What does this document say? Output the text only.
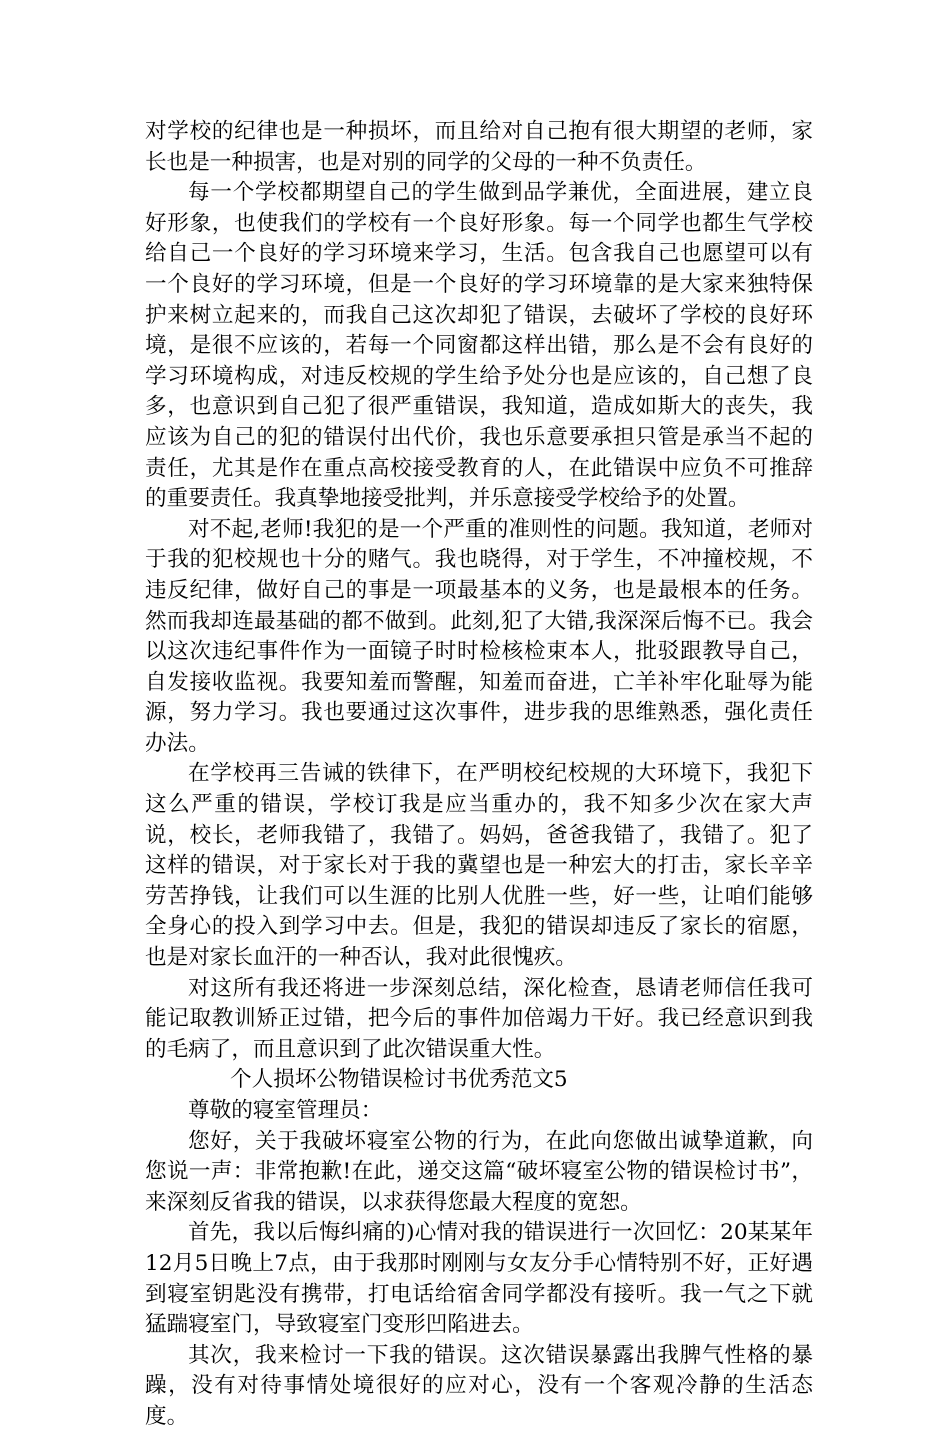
对学校的纪律也是一种损坏，而且给对自己抱有很大期望的老师，家长也是一种损害，也是对别的同学的父母的一种不负责任。

每一个学校都期望自己的学生做到品学兼优，全面进展，建立良好形象，也使我们的学校有一个良好形象。每一个同学也都生气学校给自己一个良好的学习环境来学习，生活。包含我自己也愿望可以有一个良好的学习环境，但是一个良好的学习环境靠的是大家来独特保护来树立起来的，而我自己这次却犯了错误，去破坏了学校的良好环境，是很不应该的，若每一个同窗都这样出错，那么是不会有良好的学习环境构成，对违反校规的学生给予处分也是应该的，自己想了良多，也意识到自己犯了很严重错误，我知道，造成如斯大的丧失，我应该为自己的犯的错误付出代价，我也乐意要承担只管是承当不起的责任，尤其是作在重点高校接受教育的人，在此错误中应负不可推辞的重要责任。我真挚地接受批判，并乐意接受学校给予的处置。

对不起,老师!我犯的是一个严重的准则性的问题。我知道，老师对于我的犯校规也十分的赌气。我也晓得，对于学生，不冲撞校规，不违反纪律，做好自己的事是一项最基本的义务，也是最根本的任务。然而我却连最基础的都不做到。此刻,犯了大错,我深深后悔不已。我会以这次违纪事件作为一面镜子时时检核检束本人，批驳跟教导自己，自发接收监视。我要知羞而警醒，知羞而奋进，亡羊补牢化耻辱为能源，努力学习。我也要通过这次事件，进步我的思维熟悉，强化责任办法。

在学校再三告诫的铁律下，在严明校纪校规的大环境下，我犯下这么严重的错误，学校订我是应当重办的，我不知多少次在家大声说，校长，老师我错了，我错了。妈妈，爸爸我错了，我错了。犯了这样的错误，对于家长对于我的冀望也是一种宏大的打击，家长辛辛劳苦挣钱，让我们可以生涯的比别人优胜一些，好一些，让咱们能够全身心的投入到学习中去。但是，我犯的错误却违反了家长的宿愿，也是对家长血汗的一种否认，我对此很愧疚。

对这所有我还将进一步深刻总结，深化检查，恳请老师信任我可能记取教训矫正过错，把今后的事件加倍竭力干好。我已经意识到我的毛病了，而且意识到了此次错误重大性。

个人损坏公物错误检讨书优秀范文5

尊敬的寝室管理员：

您好，关于我破坏寝室公物的行为，在此向您做出诚挚道歉，向您说一声：非常抱歉!在此，递交这篇“破坏寝室公物的错误检讨书”，来深刻反省我的错误，以求获得您最大程度的宽恕。

首先，我以后悔纠痛的)心情对我的错误进行一次回忆：20某某年12月5日晚上7点，由于我那时刚刚与女友分手心情特别不好，正好遇到寝室钥匙没有携带，打电话给宿舍同学都没有接听。我一气之下就猛踹寝室门，导致寝室门变形凹陷进去。

其次，我来检讨一下我的错误。这次错误暴露出我脾气性格的暴躁，没有对待事情处境很好的应对心，没有一个客观冷静的生活态度。
